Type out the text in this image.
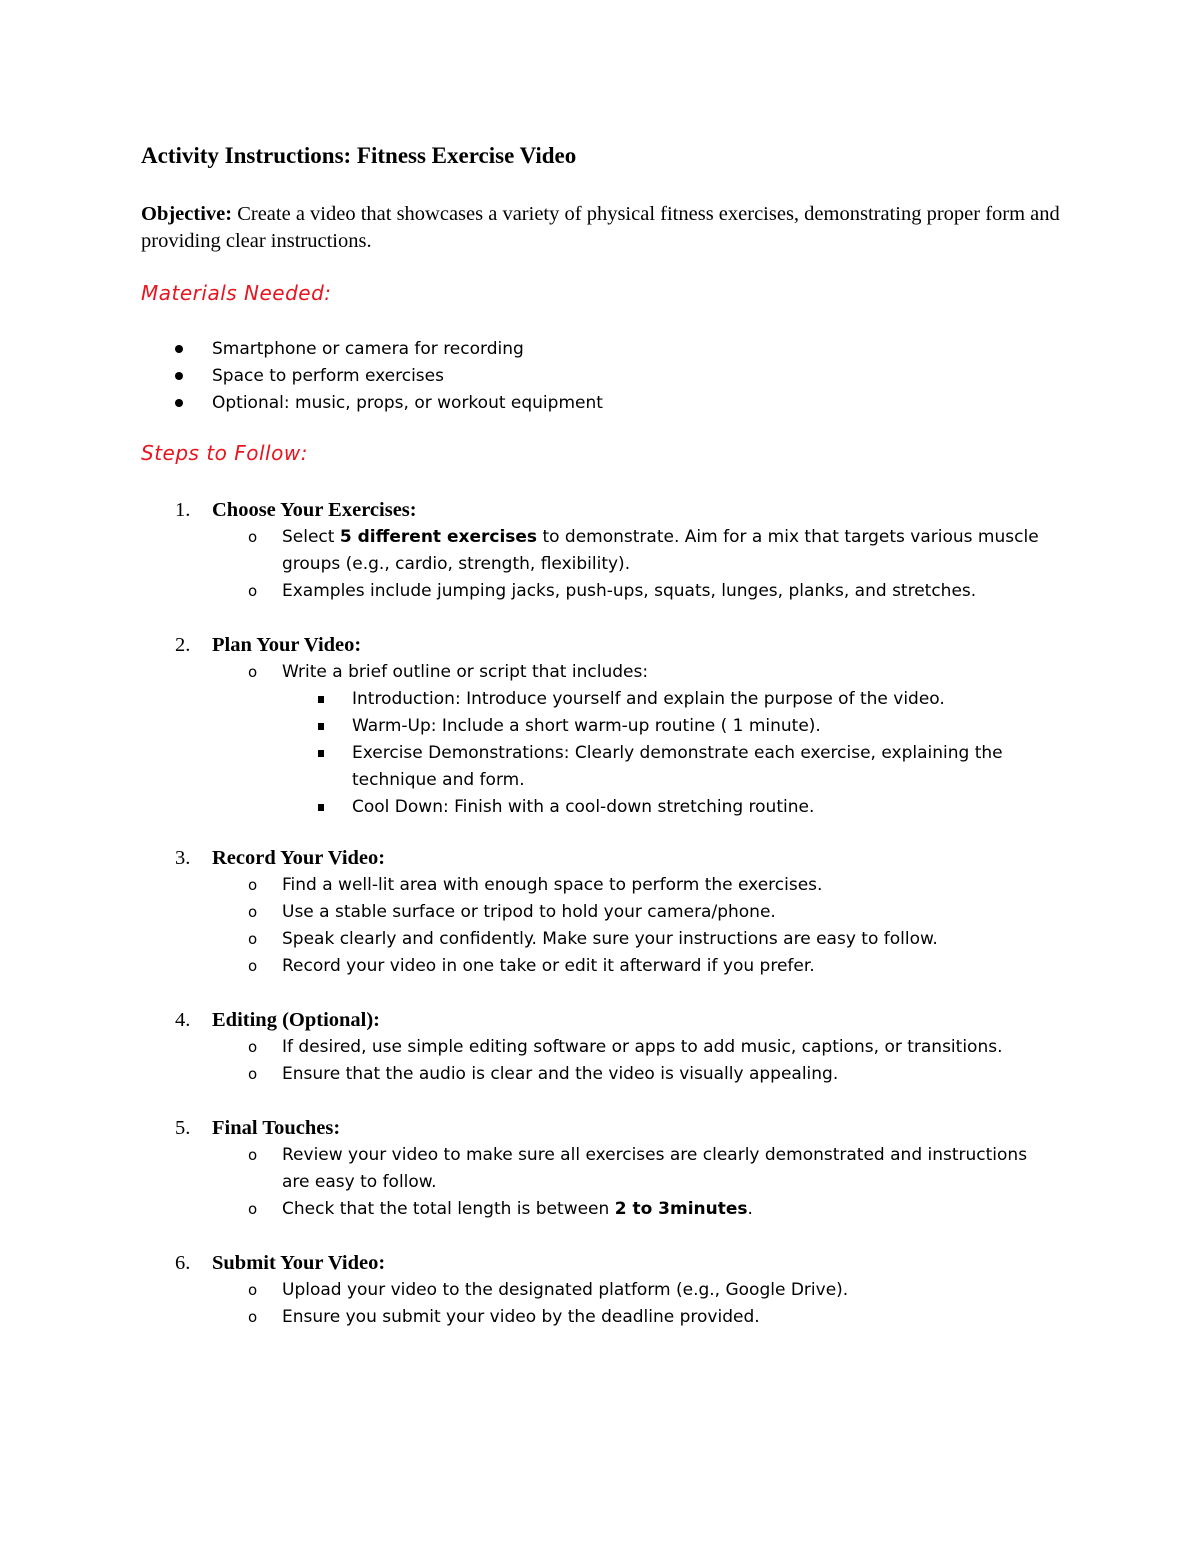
Activity Instructions: Fitness Exercise Video
Objective: Create a video that showcases a variety of physical fitness exercises, demonstrating proper form and providing clear instructions.
Materials Needed:
Smartphone or camera for recording
Space to perform exercises
Optional: music, props, or workout equipment
Steps to Follow:
1. Choose Your Exercises:
o Select 5 different exercises to demonstrate. Aim for a mix that targets various muscle groups (e.g., cardio, strength, flexibility).
o Examples include jumping jacks, push-ups, squats, lunges, planks, and stretches.
2. Plan Your Video:
o Write a brief outline or script that includes:
Introduction: Introduce yourself and explain the purpose of the video.
Warm-Up: Include a short warm-up routine ( 1 minute).
Exercise Demonstrations: Clearly demonstrate each exercise, explaining the technique and form.
Cool Down: Finish with a cool-down stretching routine.
3. Record Your Video:
o Find a well-lit area with enough space to perform the exercises.
o Use a stable surface or tripod to hold your camera/phone.
o Speak clearly and confidently. Make sure your instructions are easy to follow.
o Record your video in one take or edit it afterward if you prefer.
4. Editing (Optional):
o If desired, use simple editing software or apps to add music, captions, or transitions.
o Ensure that the audio is clear and the video is visually appealing.
5. Final Touches:
o Review your video to make sure all exercises are clearly demonstrated and instructions are easy to follow.
o Check that the total length is between 2 to 3minutes.
6. Submit Your Video:
o Upload your video to the designated platform (e.g., Google Drive).
o Ensure you submit your video by the deadline provided.
